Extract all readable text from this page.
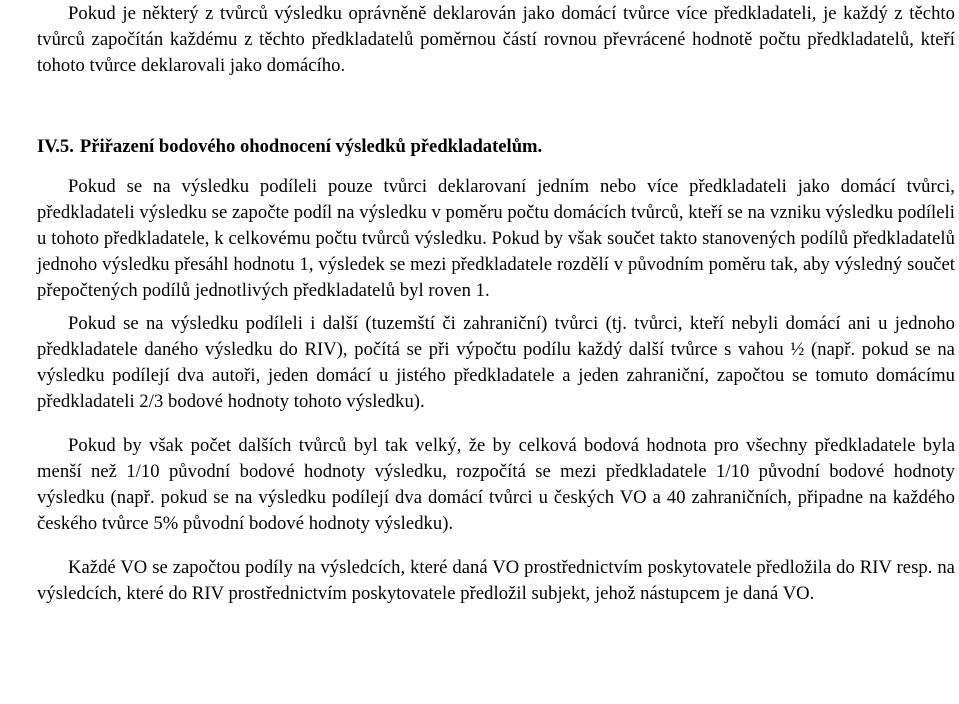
Pokud je některý z tvůrců výsledku oprávněně deklarován jako domácí tvůrce více předkladateli, je každý z těchto tvůrců započítán každému z těchto předkladatelů poměrnou částí rovnou převrácené hodnotě počtu předkladatelů, kteří tohoto tvůrce deklarovali jako domácího.

IV.5. Přiřazení bodového ohodnocení výsledků předkladatelům.

Pokud se na výsledku podíleli pouze tvůrci deklarovaní jedním nebo více předkladateli jako domácí tvůrci, předkladateli výsledku se započte podíl na výsledku v poměru počtu domácích tvůrců, kteří se na vzniku výsledku podíleli u tohoto předkladatele, k celkovému počtu tvůrců výsledku. Pokud by však součet takto stanovených podílů předkladatelů jednoho výsledku přesáhl hodnotu 1, výsledek se mezi předkladatele rozdělí v původním poměru tak, aby výsledný součet přepočtených podílů jednotlivých předkladatelů byl roven 1.

Pokud se na výsledku podíleli i další (tuzemští či zahraniční) tvůrci (tj. tvůrci, kteří nebyli domácí ani u jednoho předkladatele daného výsledku do RIV), počítá se při výpočtu podílu každý další tvůrce s vahou ½ (např. pokud se na výsledku podílejí dva autoři, jeden domácí u jistého předkladatele a jeden zahraniční, započtou se tomuto domácímu předkladateli 2/3 bodové hodnoty tohoto výsledku).

Pokud by však počet dalších tvůrců byl tak velký, že by celková bodová hodnota pro všechny předkladatele byla menší než 1/10 původní bodové hodnoty výsledku, rozpočítá se mezi předkladatele 1/10 původní bodové hodnoty výsledku (např. pokud se na výsledku podílejí dva domácí tvůrci u českých VO a 40 zahraničních, připadne na každého českého tvůrce 5% původní bodové hodnoty výsledku).

Každé VO se započtou podíly na výsledcích, které daná VO prostřednictvím poskytovatele předložila do RIV resp. na výsledcích, které do RIV prostřednictvím poskytovatele předložil subjekt, jehož nástupcem je daná VO.
